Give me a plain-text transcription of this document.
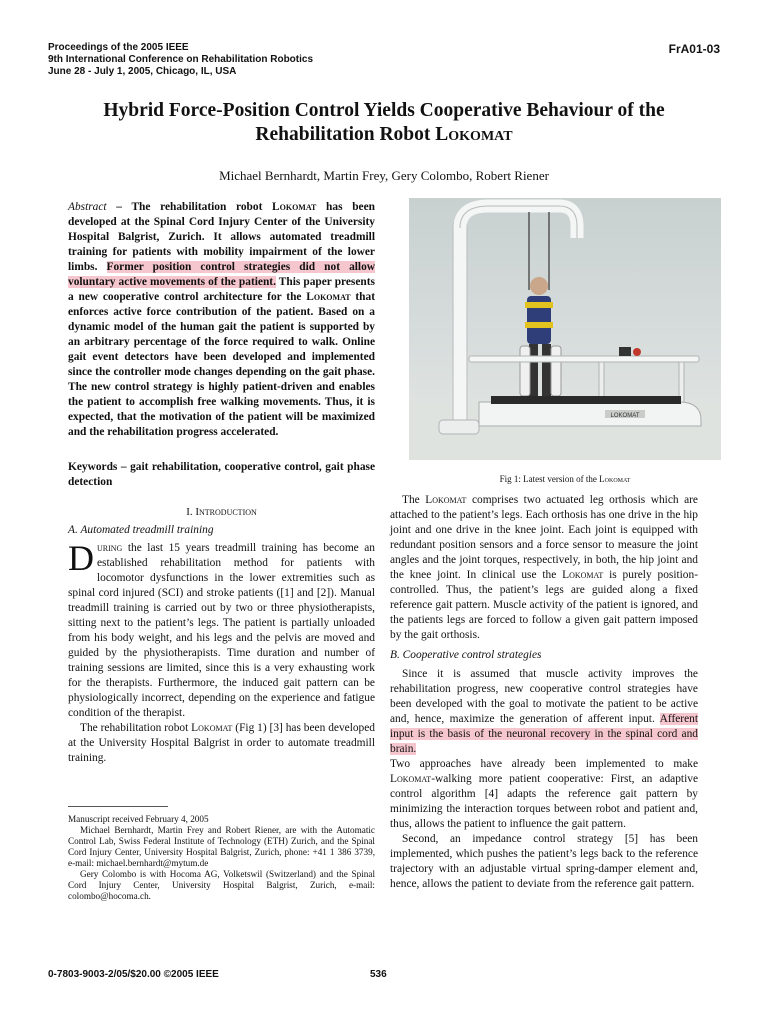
Proceedings of the 2005 IEEE
9th International Conference on Rehabilitation Robotics
June 28 - July 1, 2005, Chicago, IL, USA
FrA01-03
Hybrid Force-Position Control Yields Cooperative Behaviour of the
Rehabilitation Robot Lokomat
Michael Bernhardt, Martin Frey, Gery Colombo, Robert Riener

Abstract – The rehabilitation robot Lokomat has been developed at the Spinal Cord Injury Center of the University Hospital Balgrist, Zurich. It allows automated treadmill training for patients with mobility impairment of the lower limbs. Former position control strategies did not allow voluntary active movements of the patient. This paper presents a new cooperative control architecture for the Lokomat that enforces active force contribution of the patient. Based on a dynamic model of the human gait the patient is supported by an arbitrary percentage of the force required to walk. Online gait event detectors have been developed and implemented since the controller mode changes depending on the gait phase. The new control strategy is highly patient-driven and enables the patient to accomplish free walking movements. Thus, it is expected, that the motivation of the patient will be maximized and the rehabilitation progress accelerated.

Keywords – gait rehabilitation, cooperative control, gait phase detection

I. Introduction

A. Automated treadmill training

During the last 15 years treadmill training has become an established rehabilitation method for patients with locomotor dysfunctions in the lower extremities such as spinal cord injured (SCI) and stroke patients ([1] and [2]). Manual treadmill training is carried out by two or three physiotherapists, sitting next to the patient’s legs. The patient is partially unloaded from his body weight, and his legs and the pelvis are moved and guided by the physiotherapists. Time duration and number of training sessions are limited, since this is a very exhausting work for the therapists. Furthermore, the induced gait pattern can be physiologically incorrect, depending on the experience and fatigue condition of the therapist.

The rehabilitation robot Lokomat (Fig 1) [3] has been developed at the University Hospital Balgrist in order to automate treadmill training.

Manuscript received February 4, 2005

Michael Bernhardt, Martin Frey and Robert Riener, are with the Automatic Control Lab, Swiss Federal Institute of Technology (ETH) Zurich, and the Spinal Cord Injury Center, University Hospital Balgrist, Zurich, phone: +41 1 386 3739, e-mail: michael.bernhardt@mytum.de

Gery Colombo is with Hocoma AG, Volketswil (Switzerland) and the Spinal Cord Injury Center, University Hospital Balgrist, Zurich, e-mail: colombo@hocoma.ch.

LOKOMAT
Fig 1: Latest version of the Lokomat

The Lokomat comprises two actuated leg orthosis which are attached to the patient’s legs. Each orthosis has one drive in the hip joint and one drive in the knee joint. Each joint is equipped with redundant position sensors and a force sensor to measure the joint angles and the joint torques, respectively, in both, the hip joint and the knee joint. In clinical use the Lokomat is purely position-controlled. Thus, the patient’s legs are guided along a fixed reference gait pattern. Muscle activity of the patient is ignored, and the patients legs are forced to follow a given gait pattern imposed by the gait orthosis.

B. Cooperative control strategies

Since it is assumed that muscle activity improves the rehabilitation progress, new cooperative control strategies have been developed with the goal to motivate the patient to be active and, hence, maximize the generation of afferent input. Afferent input is the basis of the neuronal recovery in the spinal cord and brain.

Two approaches have already been implemented to make Lokomat-walking more patient cooperative: First, an adaptive control algorithm [4] adapts the reference gait pattern by minimizing the interaction torques between robot and patient and, thus, allows the patient to influence the gait pattern.

Second, an impedance control strategy [5] has been implemented, which pushes the patient’s legs back to the reference trajectory with an adjustable virtual spring-damper element and, hence, allows the patient to deviate from the reference gait pattern.

0-7803-9003-2/05/$20.00 ©2005 IEEE	536
